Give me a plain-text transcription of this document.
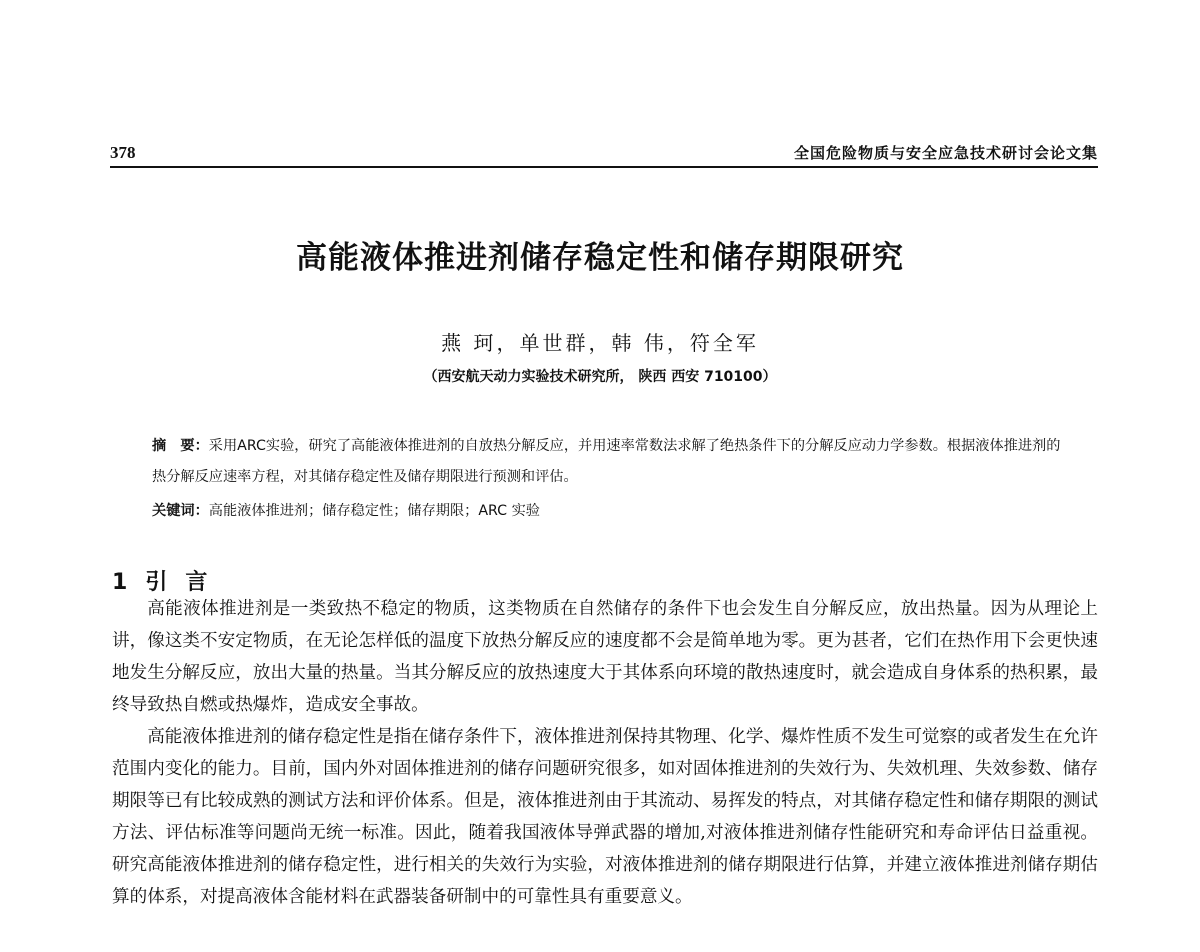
378	全国危险物质与安全应急技术研讨会论文集
高能液体推进剂储存稳定性和储存期限研究
燕 珂，单世群，韩 伟，符全军
（西安航天动力实验技术研究所， 陕西 西安 710100）
摘　要：采用ARC实验，研究了高能液体推进剂的自放热分解反应，并用速率常数法求解了绝热条件下的分解反应动力学参数。根据液体推进剂的热分解反应速率方程，对其储存稳定性及储存期限进行预测和评估。
关键词：高能液体推进剂；储存稳定性；储存期限；ARC 实验
1 引言

高能液体推进剂是一类致热不稳定的物质，这类物质在自然储存的条件下也会发生自分解反应，放出热量。因为从理论上讲，像这类不安定物质，在无论怎样低的温度下放热分解反应的速度都不会是简单地为零。更为甚者，它们在热作用下会更快速地发生分解反应，放出大量的热量。当其分解反应的放热速度大于其体系向环境的散热速度时，就会造成自身体系的热积累，最终导致热自燃或热爆炸，造成安全事故。

高能液体推进剂的储存稳定性是指在储存条件下，液体推进剂保持其物理、化学、爆炸性质不发生可觉察的或者发生在允许范围内变化的能力。目前，国内外对固体推进剂的储存问题研究很多，如对固体推进剂的失效行为、失效机理、失效参数、储存期限等已有比较成熟的测试方法和评价体系。但是，液体推进剂由于其流动、易挥发的特点，对其储存稳定性和储存期限的测试方法、评估标准等问题尚无统一标准。因此，随着我国液体导弹武器的增加,对液体推进剂储存性能研究和寿命评估日益重视。研究高能液体推进剂的储存稳定性，进行相关的失效行为实验，对液体推进剂的储存期限进行估算，并建立液体推进剂储存期估算的体系，对提高液体含能材料在武器装备研制中的可靠性具有重要意义。
